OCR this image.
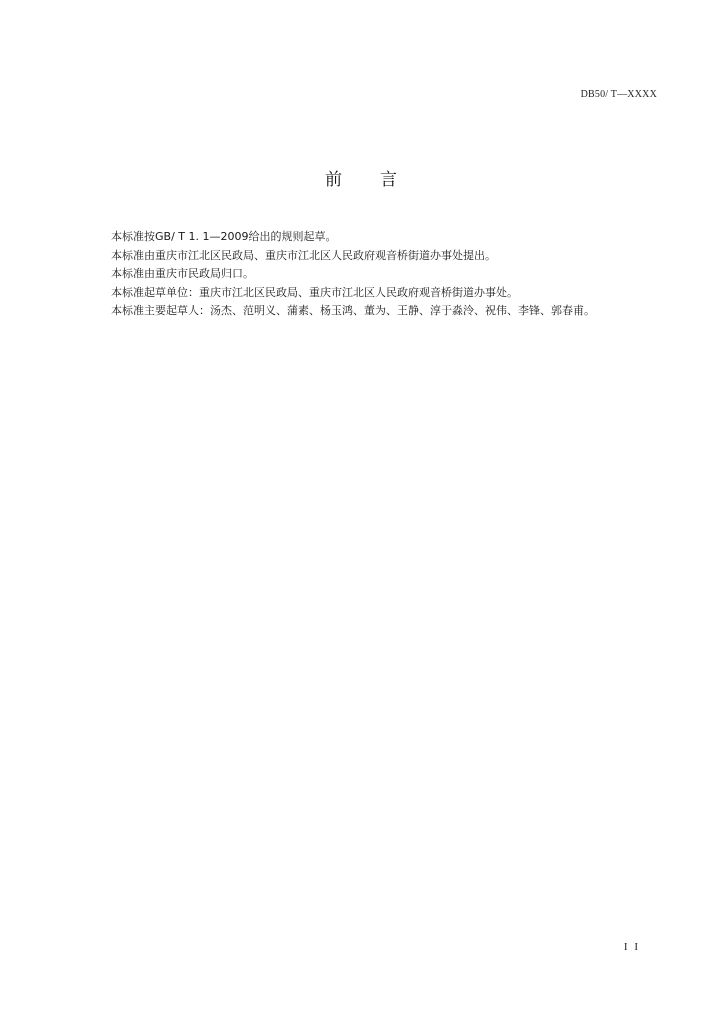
DB50/ T—XXXX
前 言
本标准按GB/ T 1. 1—2009给出的规则起草。
本标准由重庆市江北区民政局、重庆市江北区人民政府观音桥街道办事处提出。
本标准由重庆市民政局归口。
本标准起草单位：重庆市江北区民政局、重庆市江北区人民政府观音桥街道办事处。
本标准主要起草人：汤杰、范明义、蒲素、杨玉鸿、董为、王静、淳于淼泠、祝伟、李锋、郭春甫。
I I
